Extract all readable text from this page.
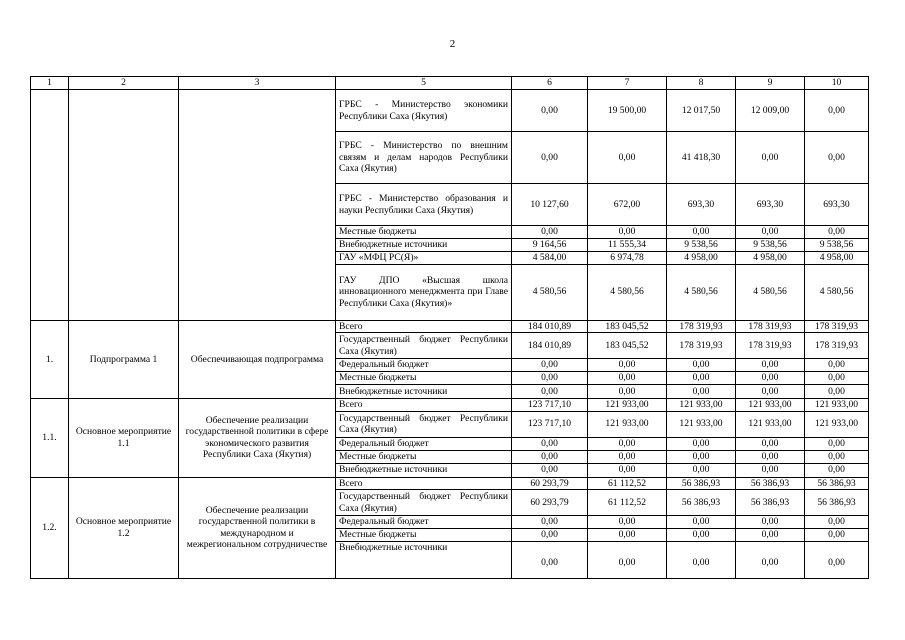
2
1	2	3	5	6	7	8	9	10
			ГРБС - Министерство экономики Республики Саха (Якутия)	0,00	19 500,00	12 017,50	12 009,00	0,00
			ГРБС - Министерство по внешним связям и делам народов Республики Саха (Якутия)	0,00	0,00	41 418,30	0,00	0,00
			ГРБС - Министерство образования и науки Республики Саха (Якутия)	10 127,60	672,00	693,30	693,30	693,30
			Местные бюджеты	0,00	0,00	0,00	0,00	0,00
			Внебюджетные источники	9 164,56	11 555,34	9 538,56	9 538,56	9 538,56
			ГАУ «МФЦ РС(Я)»	4 584,00	6 974,78	4 958,00	4 958,00	4 958,00
			ГАУ ДПО «Высшая школа инновационного менеджмента при Главе Республики Саха (Якутия)»	4 580,56	4 580,56	4 580,56	4 580,56	4 580,56
1.	Подпрограмма 1	Обеспечивающая подпрограмма	Всего	184 010,89	183 045,52	178 319,93	178 319,93	178 319,93
			Государственный бюджет Республики Саха (Якутия)	184 010,89	183 045,52	178 319,93	178 319,93	178 319,93
			Федеральный бюджет	0,00	0,00	0,00	0,00	0,00
			Местные бюджеты	0,00	0,00	0,00	0,00	0,00
			Внебюджетные источники	0,00	0,00	0,00	0,00	0,00
1.1.	Основное мероприятие 1.1	Обеспечение реализации государственной политики в сфере экономического развития Республики Саха (Якутия)	Всего	123 717,10	121 933,00	121 933,00	121 933,00	121 933,00
			Государственный бюджет Республики Саха (Якутия)	123 717,10	121 933,00	121 933,00	121 933,00	121 933,00
			Федеральный бюджет	0,00	0,00	0,00	0,00	0,00
			Местные бюджеты	0,00	0,00	0,00	0,00	0,00
			Внебюджетные источники	0,00	0,00	0,00	0,00	0,00
1.2.	Основное мероприятие 1.2	Обеспечение реализации государственной политики в международном и межрегиональном сотрудничестве	Всего	60 293,79	61 112,52	56 386,93	56 386,93	56 386,93
			Государственный бюджет Республики Саха (Якутия)	60 293,79	61 112,52	56 386,93	56 386,93	56 386,93
			Федеральный бюджет	0,00	0,00	0,00	0,00	0,00
			Местные бюджеты	0,00	0,00	0,00	0,00	0,00
			Внебюджетные источники	0,00	0,00	0,00	0,00	0,00
